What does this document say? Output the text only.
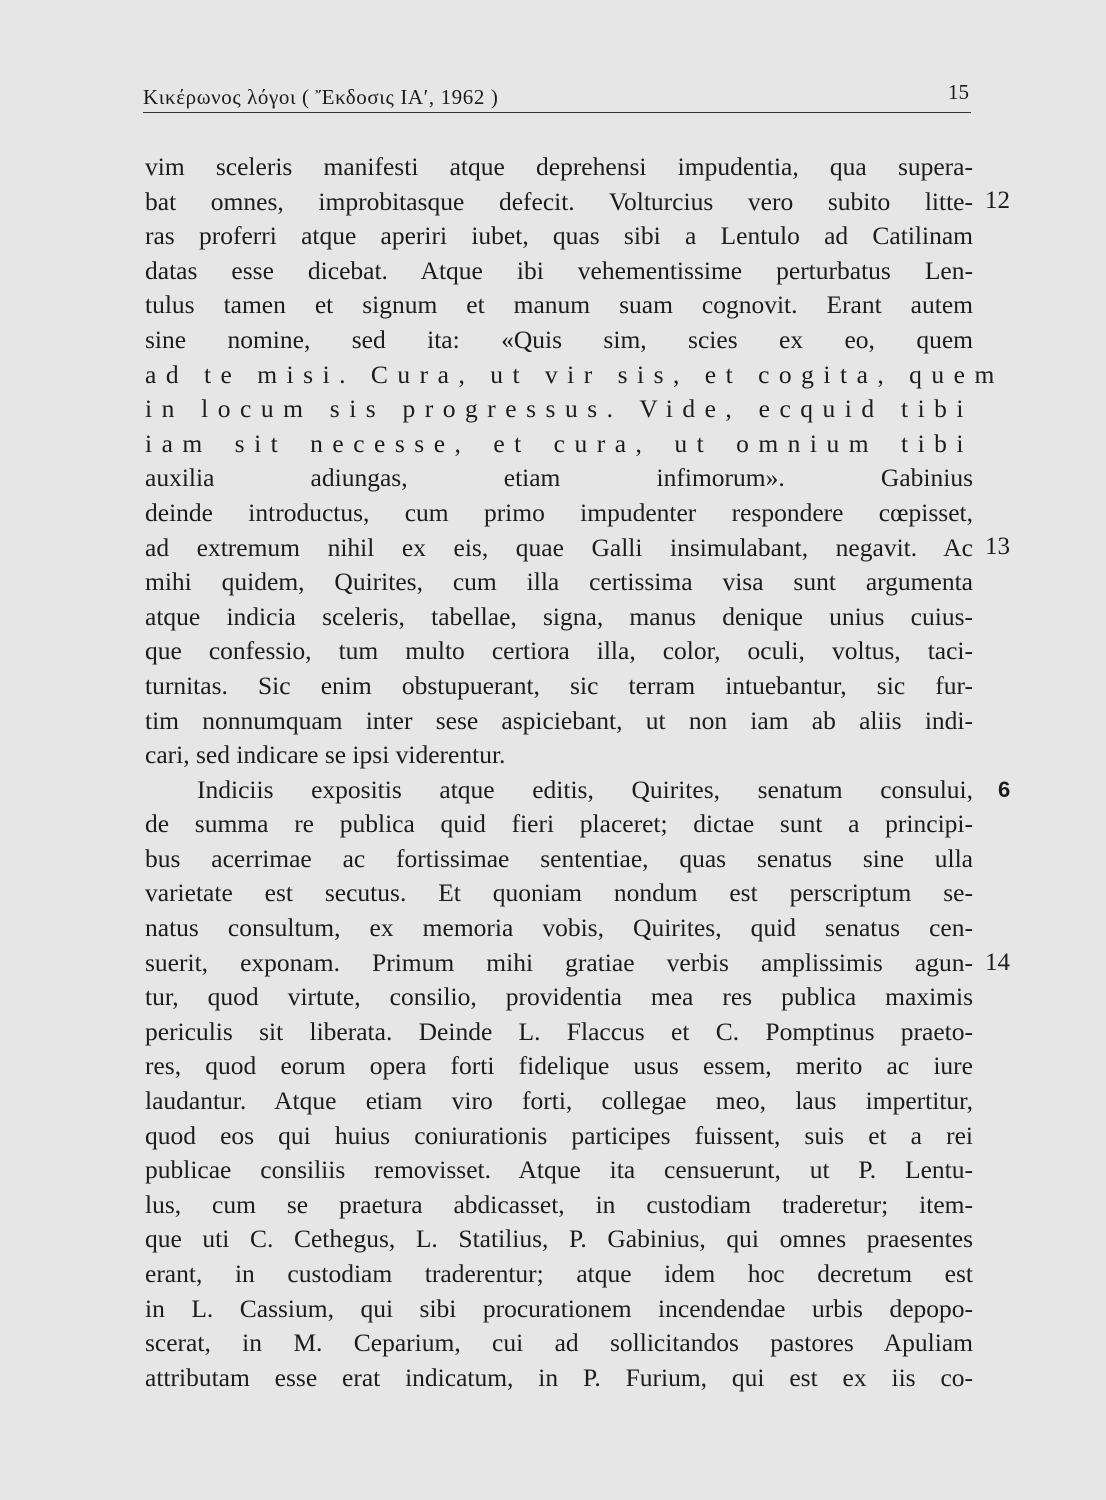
Κικέρωνος λόγοι ( Ἔκδοσις ΙΑ′, 1962 )	15
vim sceleris manifesti atque deprehensi impudentia, qua supera-
bat omnes, improbitasque defecit. Volturcius vero subito litte-
ras proferri atque aperiri iubet, quas sibi a Lentulo ad Catilinam
datas esse dicebat. Atque ibi vehementissime perturbatus Len-
tulus tamen et signum et manum suam cognovit. Erant autem
sine nomine, sed ita: «Quis sim, scies ex eo, quem
ad te misi. Cura, ut vir sis, et cogita, quem
in locum sis progressus. Vide, ecquid tibi
iam sit necesse, et cura, ut omnium tibi
auxilia adiungas, etiam infimorum». Gabinius
deinde introductus, cum primo impudenter respondere cœpisset,
ad extremum nihil ex eis, quae Galli insimulabant, negavit. Ac
mihi quidem, Quirites, cum illa certissima visa sunt argumenta
atque indicia sceleris, tabellae, signa, manus denique unius cuius-
que confessio, tum multo certiora illa, color, oculi, voltus, taci-
turnitas. Sic enim obstupuerant, sic terram intuebantur, sic fur-
tim nonnumquam inter sese aspiciebant, ut non iam ab aliis indi-
cari, sed indicare se ipsi viderentur.
Indiciis expositis atque editis, Quirites, senatum consului,
de summa re publica quid fieri placeret; dictae sunt a principi-
bus acerrimae ac fortissimae sententiae, quas senatus sine ulla
varietate est secutus. Et quoniam nondum est perscriptum se-
natus consultum, ex memoria vobis, Quirites, quid senatus cen-
suerit, exponam. Primum mihi gratiae verbis amplissimis agun-
tur, quod virtute, consilio, providentia mea res publica maximis
periculis sit liberata. Deinde L. Flaccus et C. Pomptinus praeto-
res, quod eorum opera forti fidelique usus essem, merito ac iure
laudantur. Atque etiam viro forti, collegae meo, laus impertitur,
quod eos qui huius coniurationis participes fuissent, suis et a rei
publicae consiliis removisset. Atque ita censuerunt, ut P. Lentu-
lus, cum se praetura abdicasset, in custodiam traderetur; item-
que uti C. Cethegus, L. Statilius, P. Gabinius, qui omnes praesentes
erant, in custodiam traderentur; atque idem hoc decretum est
in L. Cassium, qui sibi procurationem incendendae urbis depopo-
scerat, in M. Ceparium, cui ad sollicitandos pastores Apuliam
attributam esse erat indicatum, in P. Furium, qui est ex iis co-
12
13
6
14
